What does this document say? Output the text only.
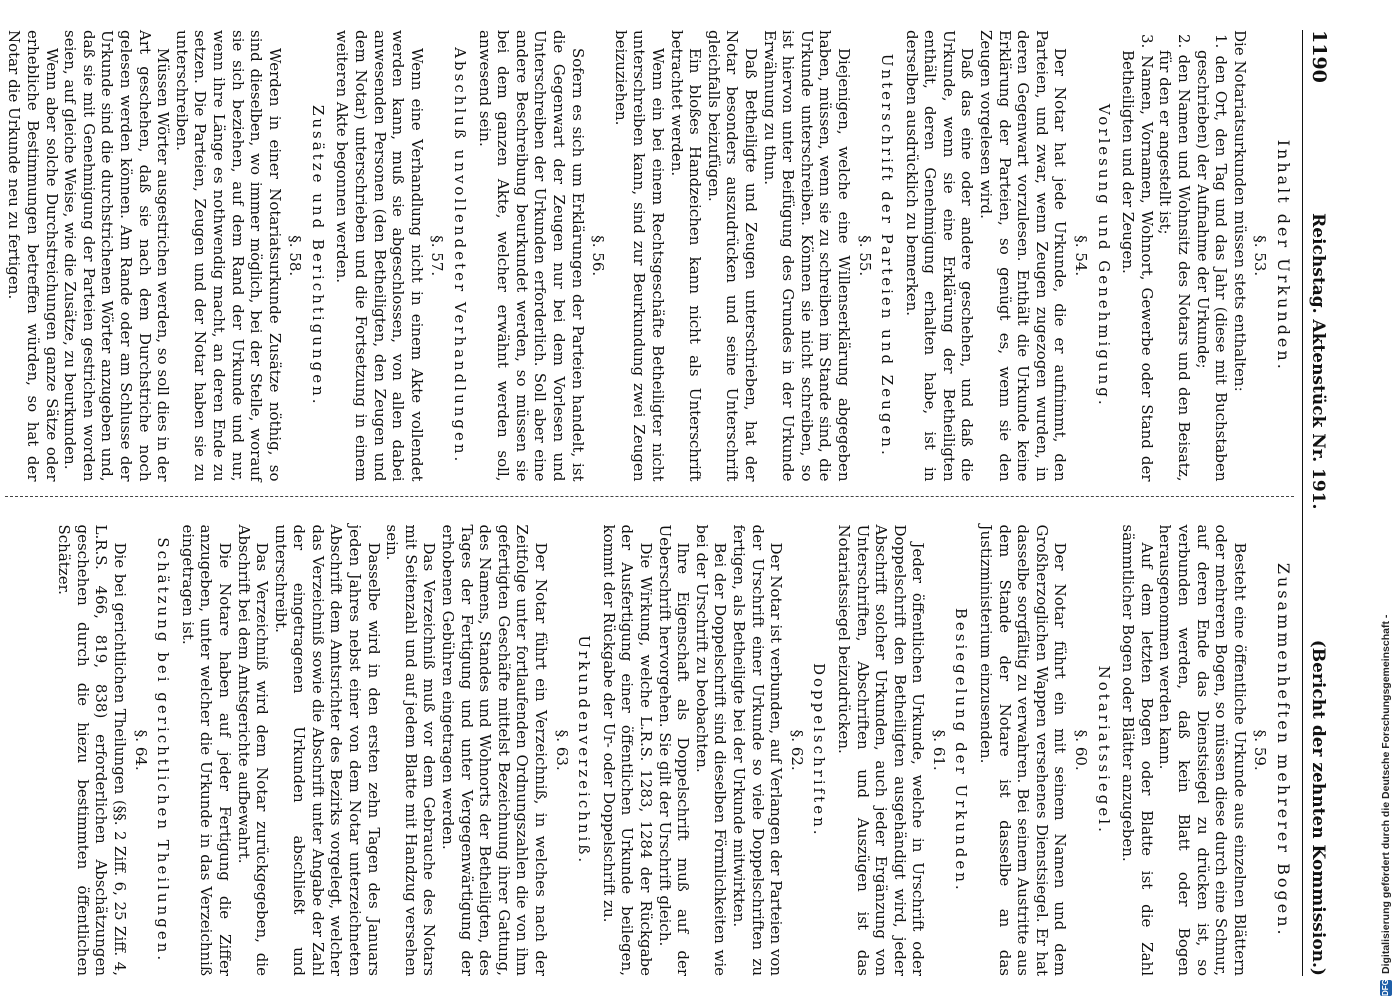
1190
Reichstag. Aktenstück Nr. 191.
(Bericht der zehnten Kommission.)
Inhalt der Urkunden.
§. 53.

Die Notariatsurkunden müssen stets enthalten:

1. den Ort, den Tag und das Jahr (diese mit Buchstaben geschrieben) der Aufnahme der Urkunde;

2. den Namen und Wohnsitz des Notars und den Beisatz, für den er angestellt ist;

3. Namen, Vornamen, Wohnort, Gewerbe oder Stand der Betheiligten und der Zeugen.

Vorlesung und Genehmigung.
§. 54.

Der Notar hat jede Urkunde, die er aufnimmt, den Parteien, und zwar, wenn Zeugen zugezogen wurden, in deren Gegenwart vorzulesen. Enthält die Urkunde keine Erklärung der Parteien, so genügt es, wenn sie den Zeugen vorgelesen wird.

Daß das eine oder andere geschehen, und daß die Urkunde, wenn sie eine Erklärung der Betheiligten enthält, deren Genehmigung erhalten habe, ist in derselben ausdrücklich zu bemerken.

Unterschrift der Parteien und Zeugen.
§. 55.

Diejenigen, welche eine Willenserklärung abgegeben haben, müssen, wenn sie zu schreiben im Stande sind, die Urkunde unterschreiben. Können sie nicht schreiben, so ist hiervon unter Beifügung des Grundes in der Urkunde Erwähnung zu thun.

Daß Betheiligte und Zeugen unterschrieben, hat der Notar besonders auszudrücken und seine Unterschrift gleichfalls beizufügen.

Ein bloßes Handzeichen kann nicht als Unterschrift betrachtet werden.

Wenn ein bei einem Rechtsgeschäfte Betheiligter nicht unterschreiben kann, sind zur Beurkundung zwei Zeugen beizuziehen.

§. 56.

Sofern es sich um Erklärungen der Parteien handelt, ist die Gegenwart der Zeugen nur bei dem Vorlesen und Unterschreiben der Urkunden erforderlich. Soll aber eine andere Beschreibung beurkundet werden, so müssen sie bei dem ganzen Akte, welcher erwähnt werden soll, anwesend sein.

Abschluß unvollendeter Verhandlungen.
§. 57.

Wenn eine Verhandlung nicht in einem Akte vollendet werden kann, muß sie abgeschlossen, von allen dabei anwesenden Personen (den Betheiligten, den Zeugen und dem Notar) unterschrieben und die Fortsetzung in einem weiteren Akte begonnen werden.

Zusätze und Berichtigungen.
§. 58.

Werden in einer Notariatsurkunde Zusätze nöthig, so sind dieselben, wo immer möglich, bei der Stelle, worauf sie sich beziehen, auf dem Rand der Urkunde und nur, wenn ihre Länge es nothwendig macht, an deren Ende zu setzen. Die Parteien, Zeugen und der Notar haben sie zu unterschreiben.

Müssen Wörter ausgestrichen werden, so soll dies in der Art geschehen, daß sie nach dem Durchstriche noch gelesen werden können. Am Rande oder am Schlusse der Urkunde sind die durchstrichenen Wörter anzugeben und, daß sie mit Genehmigung der Parteien gestrichen worden seien, auf gleiche Weise, wie die Zusätze, zu beurkunden.

Wenn aber solche Durchstreichungen ganze Sätze oder erhebliche Bestimmungen betreffen würden, so hat der Notar die Urkunde neu zu fertigen.

Zusammenheften mehrerer Bogen.
§. 59.

Besteht eine öffentliche Urkunde aus einzelnen Blättern oder mehreren Bogen, so müssen diese durch eine Schnur, auf deren Ende das Dienstsiegel zu drücken ist, so verbunden werden, daß kein Blatt oder Bogen herausgenommen werden kann.

Auf dem letzten Bogen oder Blatte ist die Zahl sämmtlicher Bogen oder Blätter anzugeben.

Notariatssiegel.
§. 60.

Der Notar führt ein mit seinem Namen und dem Großherzoglichen Wappen versehenes Dienstsiegel. Er hat dasselbe sorgfältig zu verwahren. Bei seinem Austritte aus dem Stande der Notare ist dasselbe an das Justizministerium einzusenden.

Besiegelung der Urkunden.
§. 61.

Jeder öffentlichen Urkunde, welche in Urschrift oder Doppelschrift den Betheiligten ausgehändigt wird, jeder Abschrift solcher Urkunden, auch jeder Ergänzung von Unterschriften, Abschriften und Auszügen ist das Notariatssiegel beizudrücken.

Doppelschriften.
§. 62.

Der Notar ist verbunden, auf Verlangen der Parteien von der Urschrift einer Urkunde so viele Doppelschriften zu fertigen, als Betheiligte bei der Urkunde mitwirkten.

Bei der Doppelschrift sind dieselben Förmlichkeiten wie bei der Urschrift zu beobachten.

Ihre Eigenschaft als Doppelschrift muß auf der Ueberschrift hervorgehen. Sie gilt der Urschrift gleich.

Die Wirkung, welche L.R.S. 1283, 1284 der Rückgabe der Ausfertigung einer öffentlichen Urkunde beilegen, kommt der Rückgabe der Ur- oder Doppelschrift zu.

Urkundenverzeichniß.
§. 63.

Der Notar führt ein Verzeichniß, in welches nach der Zeitfolge unter fortlaufenden Ordnungszahlen die von ihm gefertigten Geschäfte mittelst Bezeichnung ihrer Gattung, des Namens, Standes und Wohnorts der Betheiligten, des Tages der Fertigung und unter Vergegenwärtigung der erhobenen Gebühren eingetragen werden.

Das Verzeichniß muß vor dem Gebrauche des Notars mit Seitenzahl und auf jedem Blatte mit Handzug versehen sein.

Dasselbe wird in den ersten zehn Tagen des Januars jeden Jahres nebst einer von dem Notar unterzeichneten Abschrift dem Amtsrichter des Bezirks vorgelegt, welcher das Verzeichniß sowie die Abschrift unter Angabe der Zahl der eingetragenen Urkunden abschließt und unterschreibt.

Das Verzeichniß wird dem Notar zurückgegeben, die Abschrift bei dem Amtsgerichte aufbewahrt.

Die Notare haben auf jeder Fertigung die Ziffer anzugeben, unter welcher die Urkunde in das Verzeichniß eingetragen ist.

Schätzung bei gerichtlichen Theilungen.
§. 64.

Die bei gerichtlichen Theilungen (§§. 2 Ziff. 6, 25 Ziff. 4, L.R.S. 466, 819, 838) erforderlichen Abschätzungen geschehen durch die hiezu bestimmten öffentlichen Schätzer.

DFG
Digitalisierung gefördert durch die Deutsche Forschungsgemeinschaft -
